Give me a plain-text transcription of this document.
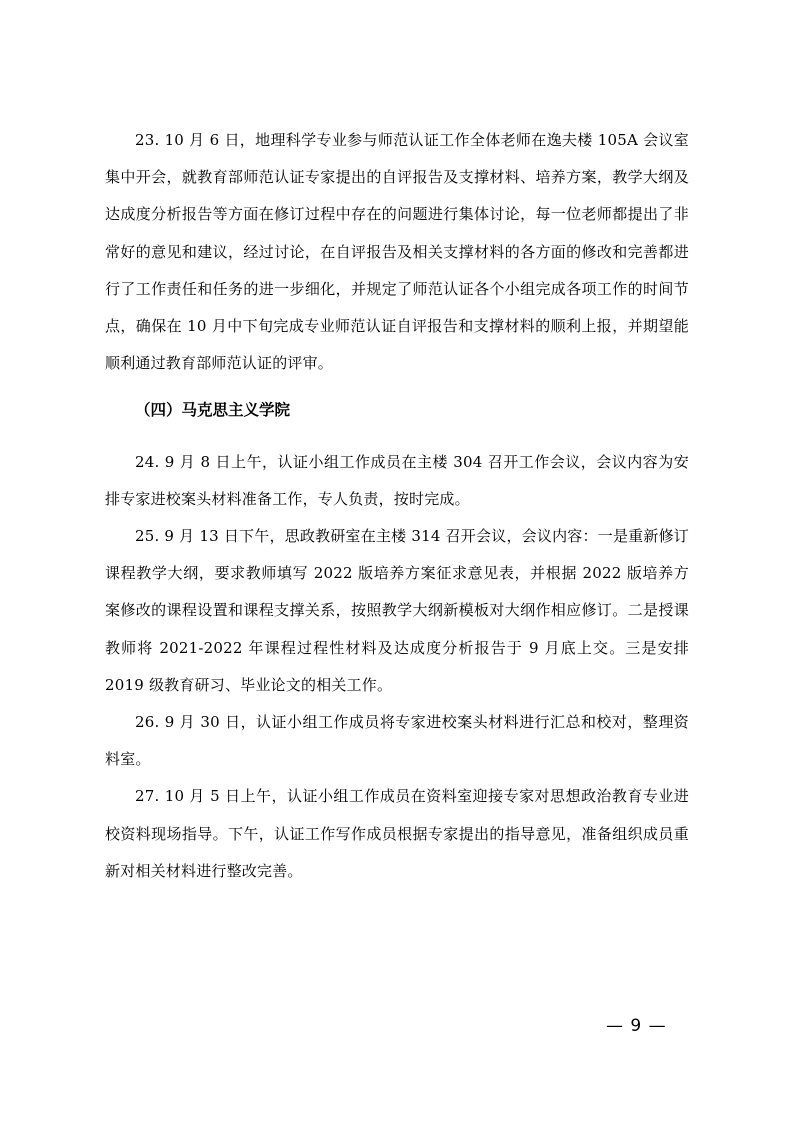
23. 10 月 6 日，地理科学专业参与师范认证工作全体老师在逸夫楼 105A 会议室集中开会，就教育部师范认证专家提出的自评报告及支撑材料、培养方案，教学大纲及达成度分析报告等方面在修订过程中存在的问题进行集体讨论，每一位老师都提出了非常好的意见和建议，经过讨论，在自评报告及相关支撑材料的各方面的修改和完善都进行了工作责任和任务的进一步细化，并规定了师范认证各个小组完成各项工作的时间节点，确保在 10 月中下旬完成专业师范认证自评报告和支撑材料的顺利上报，并期望能顺利通过教育部师范认证的评审。

（四）马克思主义学院

24. 9 月 8 日上午，认证小组工作成员在主楼 304 召开工作会议，会议内容为安排专家进校案头材料准备工作，专人负责，按时完成。

25. 9 月 13 日下午，思政教研室在主楼 314 召开会议，会议内容：一是重新修订课程教学大纲，要求教师填写 2022 版培养方案征求意见表，并根据 2022 版培养方案修改的课程设置和课程支撑关系，按照教学大纲新模板对大纲作相应修订。二是授课教师将 2021-2022 年课程过程性材料及达成度分析报告于 9 月底上交。三是安排 2019 级教育研习、毕业论文的相关工作。

26. 9 月 30 日，认证小组工作成员将专家进校案头材料进行汇总和校对，整理资料室。

27. 10 月 5 日上午，认证小组工作成员在资料室迎接专家对思想政治教育专业进校资料现场指导。下午，认证工作写作成员根据专家提出的指导意见，准备组织成员重新对相关材料进行整改完善。

— 9 —
